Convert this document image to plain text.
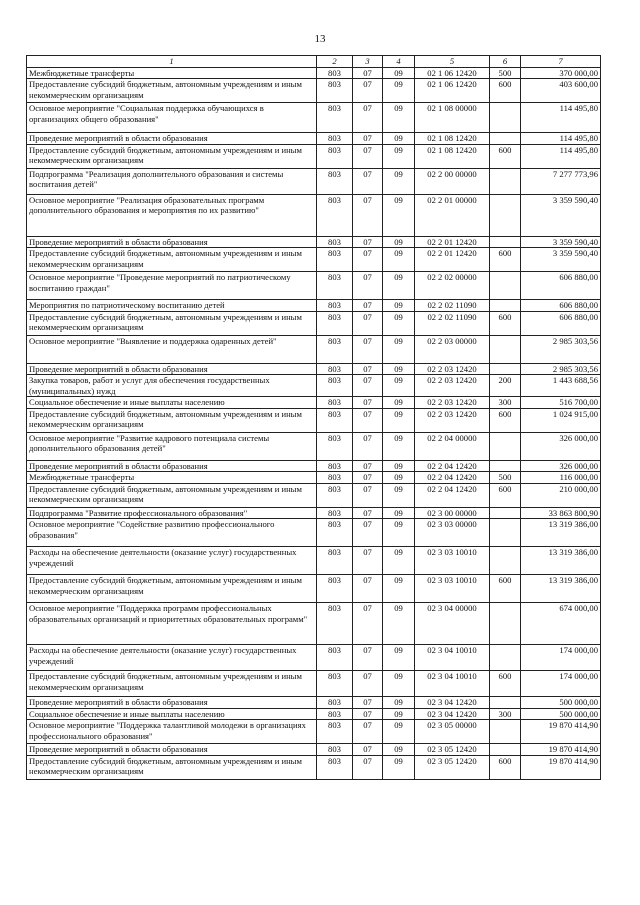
13
1	2	3	4	5	6	7
Межбюджетные трансферты	803	07	09	02 1 06 12420	500	370 000,00
Предоставление субсидий бюджетным, автономным учреждениям и иным некоммерческим организациям	803	07	09	02 1 06 12420	600	403 600,00
Основное мероприятие "Социальная поддержка обучающихся в организациях общего образования"	803	07	09	02 1 08 00000		114 495,80
Проведение мероприятий в области образования	803	07	09	02 1 08 12420		114 495,80
Предоставление субсидий бюджетным, автономным учреждениям и иным некоммерческим организациям	803	07	09	02 1 08 12420	600	114 495,80
Подпрограмма "Реализация дополнительного образования и системы воспитания детей"	803	07	09	02 2 00 00000		7 277 773,96
Основное мероприятие "Реализация образовательных программ дополнительного образования и мероприятия по их развитию"	803	07	09	02 2 01 00000		3 359 590,40
Проведение мероприятий в области образования	803	07	09	02 2 01 12420		3 359 590,40
Предоставление субсидий бюджетным, автономным учреждениям и иным некоммерческим организациям	803	07	09	02 2 01 12420	600	3 359 590,40
Основное мероприятие "Проведение мероприятий по патриотическому воспитанию граждан"	803	07	09	02 2 02 00000		606 880,00
Мероприятия по патриотическому воспитанию детей	803	07	09	02 2 02 11090		606 880,00
Предоставление субсидий бюджетным, автономным учреждениям и иным некоммерческим организациям	803	07	09	02 2 02 11090	600	606 880,00
Основное мероприятие "Выявление и поддержка одаренных детей"	803	07	09	02 2 03 00000		2 985 303,56
Проведение мероприятий в области образования	803	07	09	02 2 03 12420		2 985 303,56
Закупка товаров, работ и услуг для обеспечения государственных (муниципальных) нужд	803	07	09	02 2 03 12420	200	1 443 688,56
Социальное обеспечение и иные выплаты населению	803	07	09	02 2 03 12420	300	516 700,00
Предоставление субсидий бюджетным, автономным учреждениям и иным некоммерческим организациям	803	07	09	02 2 03 12420	600	1 024 915,00
Основное мероприятие "Развитие кадрового потенциала системы дополнительного образования детей"	803	07	09	02 2 04 00000		326 000,00
Проведение мероприятий в области образования	803	07	09	02 2 04 12420		326 000,00
Межбюджетные трансферты	803	07	09	02 2 04 12420	500	116 000,00
Предоставление субсидий бюджетным, автономным учреждениям и иным некоммерческим организациям	803	07	09	02 2 04 12420	600	210 000,00
Подпрограмма "Развитие профессионального образования"	803	07	09	02 3 00 00000		33 863 800,90
Основное мероприятие "Содействие развитию профессионального образования"	803	07	09	02 3 03 00000		13 319 386,00
Расходы на обеспечение деятельности (оказание услуг) государственных учреждений	803	07	09	02 3 03 10010		13 319 386,00
Предоставление субсидий бюджетным, автономным учреждениям и иным некоммерческим организациям	803	07	09	02 3 03 10010	600	13 319 386,00
Основное мероприятие "Поддержка программ профессиональных образовательных организаций и приоритетных образовательных программ"	803	07	09	02 3 04 00000		674 000,00
Расходы на обеспечение деятельности (оказание услуг) государственных учреждений	803	07	09	02 3 04 10010		174 000,00
Предоставление субсидий бюджетным, автономным учреждениям и иным некоммерческим организациям	803	07	09	02 3 04 10010	600	174 000,00
Проведение мероприятий в области образования	803	07	09	02 3 04 12420		500 000,00
Социальное обеспечение и иные выплаты населению	803	07	09	02 3 04 12420	300	500 000,00
Основное мероприятие "Поддержка талантливой молодежи в организациях профессионального образования"	803	07	09	02 3 05 00000		19 870 414,90
Проведение мероприятий в области образования	803	07	09	02 3 05 12420		19 870 414,90
Предоставление субсидий бюджетным, автономным учреждениям и иным некоммерческим организациям	803	07	09	02 3 05 12420	600	19 870 414,90
